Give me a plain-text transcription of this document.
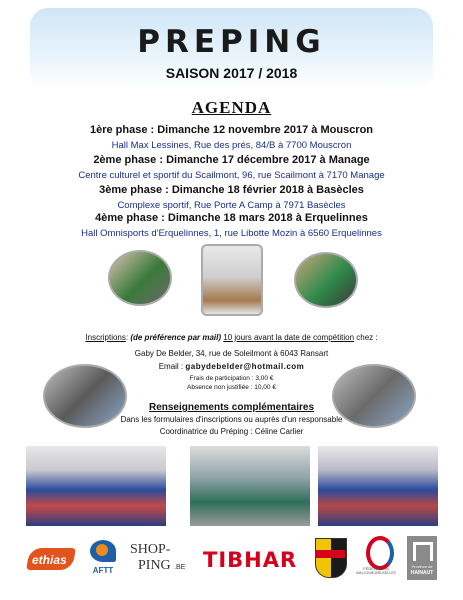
PREPING
SAISON 2017 / 2018
AGENDA
1ère phase : Dimanche 12 novembre 2017 à Mouscron
Hall Max Lessines, Rue des prés, 84/B à 7700 Mouscron
2ème phase : Dimanche 17 décembre 2017 à Manage
Centre culturel et sportif du Scailmont, 96, rue Scailmont à 7170 Manage
3ème phase : Dimanche 18 février 2018 à Basècles
Complexe sportif, Rue Porte A Camp à 7971 Basècles
4ème phase : Dimanche 18 mars 2018 à Erquelinnes
Hall Omnisports d'Erquelinnes, 1, rue Libotte Mozin à 6560 Erquelinnes
Inscriptions: (de préférence par mail) 10 jours avant la date de compétition chez :
Gaby De Belder, 34, rue de Soleilmont à 6043 Ransart
Email : gabydebelder@hotmail.com
Frais de participation : 3,00 €
Absence non justifiée : 10,00 €
Renseignements complémentaires
Dans les formulaires d'inscriptions ou auprès d'un responsable
Coordinatrice du Préping : Céline Carlier
ethias
AFTT
SHOP-
PING .BE TIBHAR	FÉDÉRATION
WALLONIE-BRUXELLES
Province de
HAINAUT
